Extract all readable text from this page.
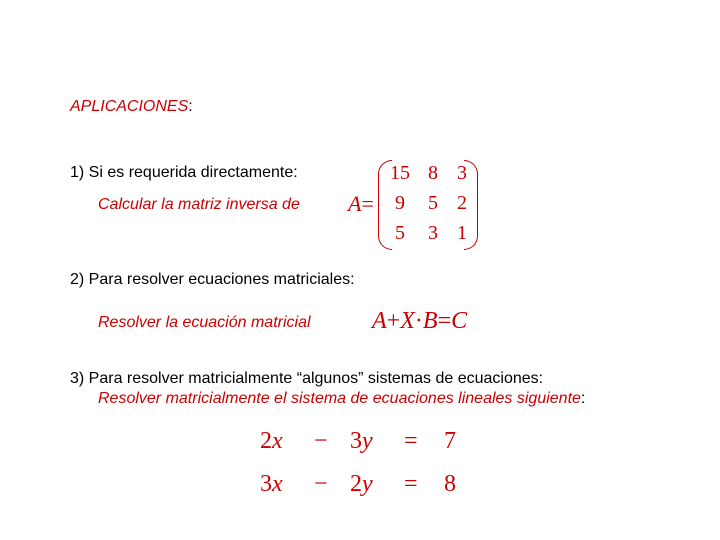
APLICACIONES:
1) Si es requerida directamente:
Calcular la matriz inversa de A=
15 8 3
9	5 2
5	3 1
2) Para resolver ecuaciones matriciales:
Resolver la ecuación matricial	A+X·B=C
3) Para resolver matricialmente “algunos” sistemas de ecuaciones:
Resolver matricialmente el sistema de ecuaciones lineales siguiente:
2x − 3y = 7
3x − 2y = 8
